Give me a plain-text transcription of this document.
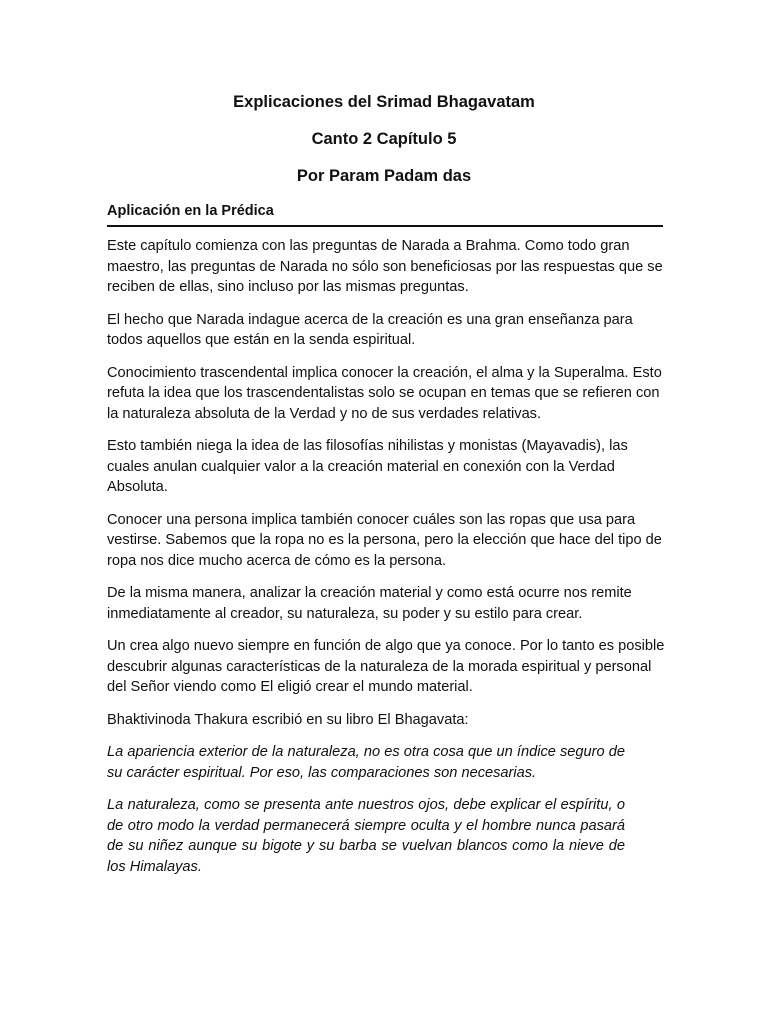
Explicaciones del Srimad Bhagavatam
Canto 2 Capítulo 5
Por Param Padam das
Aplicación en la Prédica

Este capítulo comienza con las preguntas de Narada a Brahma. Como todo gran maestro, las preguntas de Narada no sólo son beneficiosas por las respuestas que se reciben de ellas, sino incluso por las mismas preguntas.

El hecho que Narada indague acerca de la creación es una gran enseñanza para todos aquellos que están en la senda espiritual.

Conocimiento trascendental implica conocer la creación, el alma y la Superalma. Esto refuta la idea que los trascendentalistas solo se ocupan en temas que se refieren con la naturaleza absoluta de la Verdad y no de sus verdades relativas.

Esto también niega la idea de las filosofías nihilistas y monistas (Mayavadis), las cuales anulan cualquier valor a la creación material en conexión con la Verdad Absoluta.

Conocer una persona implica también conocer cuáles son las ropas que usa para vestirse. Sabemos que la ropa no es la persona, pero la elección que hace del tipo de ropa nos dice mucho acerca de cómo es la persona.

De la misma manera, analizar la creación material y como está ocurre nos remite inmediatamente al creador, su naturaleza, su poder y su estilo para crear.

Un crea algo nuevo siempre en función de algo que ya conoce. Por lo tanto es posible descubrir algunas características de la naturaleza de la morada espiritual y personal del Señor viendo como El eligió crear el mundo material.

Bhaktivinoda Thakura escribió en su libro El Bhagavata:

La apariencia exterior de la naturaleza, no es otra cosa que un índice seguro de su carácter espiritual. Por eso, las comparaciones son necesarias.

La naturaleza, como se presenta ante nuestros ojos, debe explicar el espíritu, o de otro modo la verdad permanecerá siempre oculta y el hombre nunca pasará de su niñez aunque su bigote y su barba se vuelvan blancos como la nieve de los Himalayas.
